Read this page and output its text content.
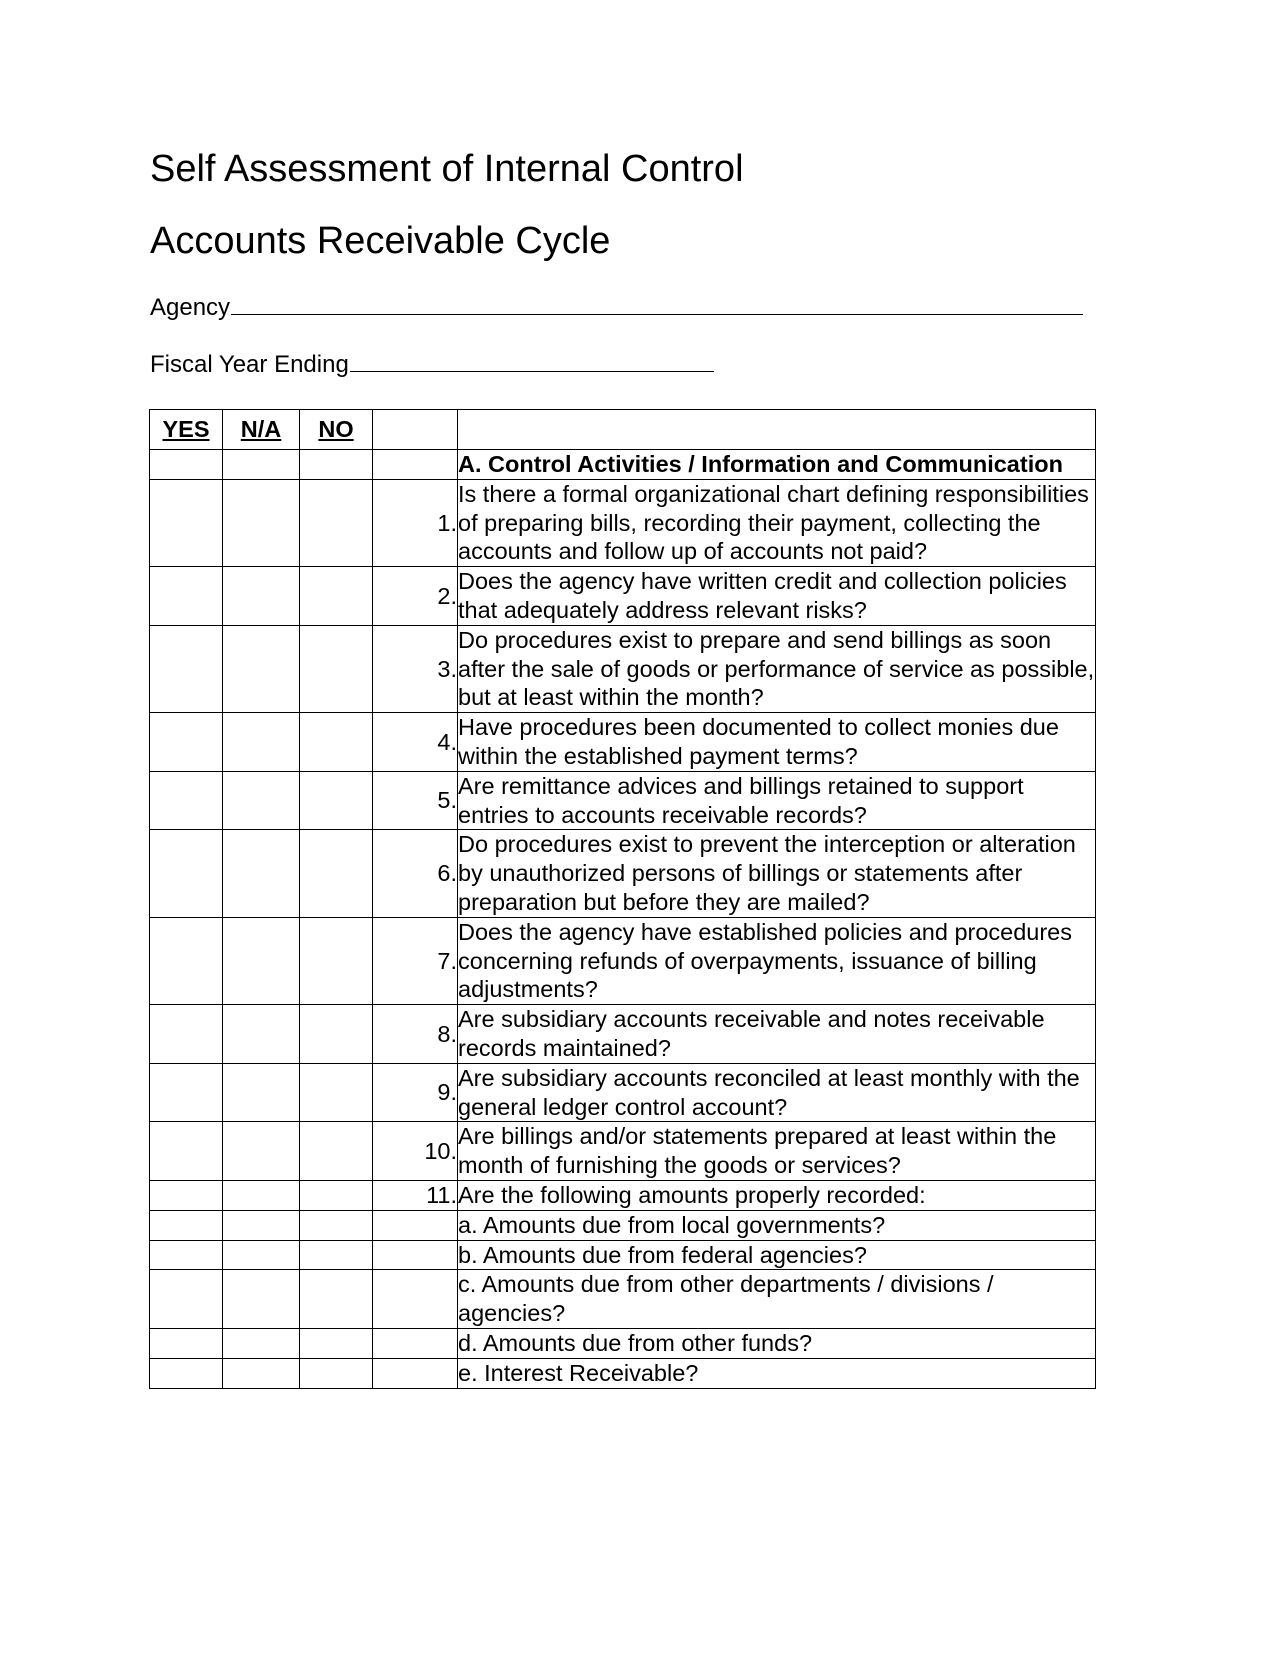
Self Assessment of Internal Control
Accounts Receivable Cycle
Agency
Fiscal Year Ending
YES	N/A	NO		
				A. Control Activities / Information and Communication
			1.	Is there a formal organizational chart defining responsibilities of preparing bills, recording their payment, collecting the accounts and follow up of accounts not paid?
			2.	Does the agency have written credit and collection policies that adequately address relevant risks?
			3.	Do procedures exist to prepare and send billings as soon after the sale of goods or performance of service as possible, but at least within the month?
			4.	Have procedures been documented to collect monies due within the established payment terms?
			5.	Are remittance advices and billings retained to support entries to accounts receivable records?
			6.	Do procedures exist to prevent the interception or alteration by unauthorized persons of billings or statements after preparation but before they are mailed?
			7.	Does the agency have established policies and procedures concerning refunds of overpayments, issuance of billing adjustments?
			8.	Are subsidiary accounts receivable and notes receivable records maintained?
			9.	Are subsidiary accounts reconciled at least monthly with the general ledger control account?
			10.	Are billings and/or statements prepared at least within the month of furnishing the goods or services?
			11.	Are the following amounts properly recorded:
				a. Amounts due from local governments?
				b. Amounts due from federal agencies?
				c. Amounts due from other departments / divisions / agencies?
				d. Amounts due from other funds?
				e. Interest Receivable?
